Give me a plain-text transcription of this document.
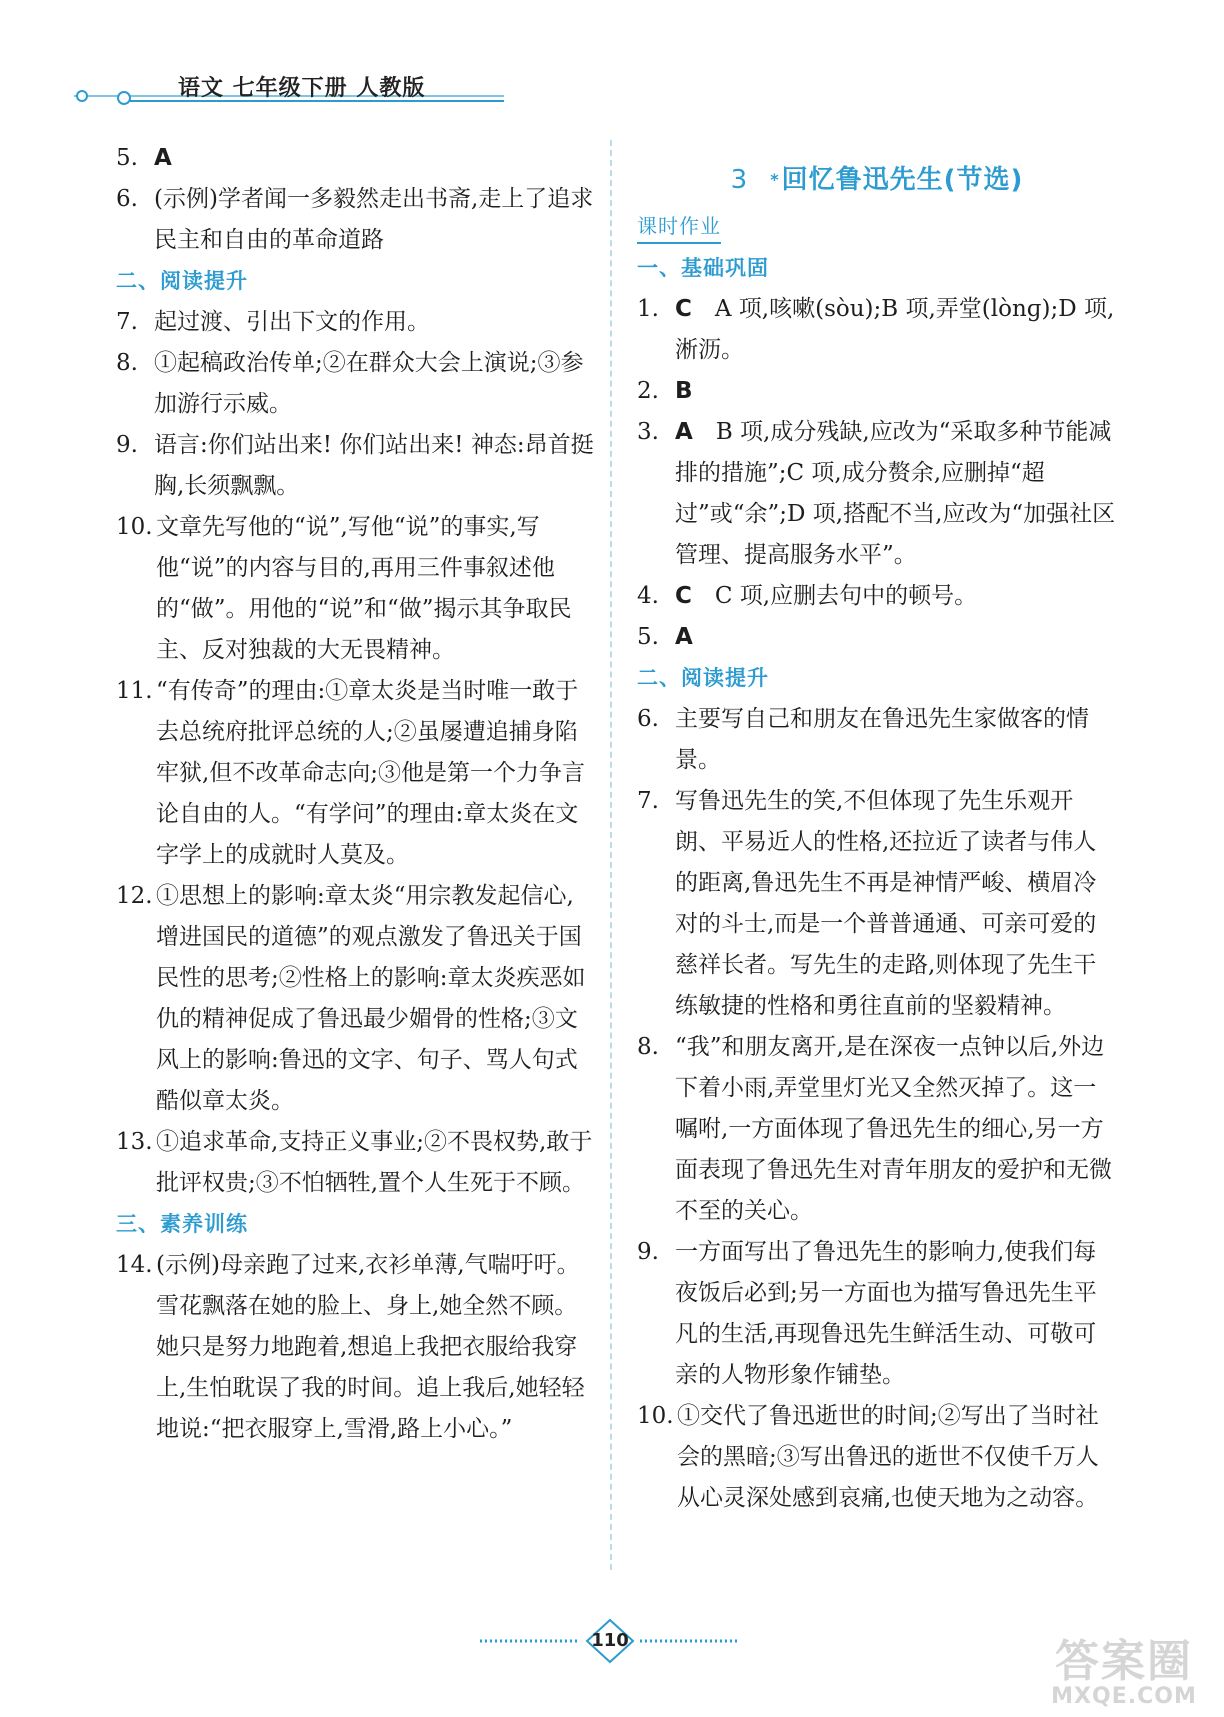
语文 七年级下册 人教版
5. A
6. (示例)学者闻一多毅然走出书斋,走上了追求民主和自由的革命道路
二、阅读提升
7. 起过渡、引出下文的作用。
8. ①起稿政治传单;②在群众大会上演说;③参加游行示威。
9. 语言:你们站出来! 你们站出来! 神态:昂首挺胸,长须飘飘。
10. 文章先写他的“说”,写他“说”的事实,写他“说”的内容与目的,再用三件事叙述他的“做”。用他的“说”和“做”揭示其争取民主、反对独裁的大无畏精神。
11. “有传奇”的理由:①章太炎是当时唯一敢于去总统府批评总统的人;②虽屡遭追捕身陷牢狱,但不改革命志向;③他是第一个力争言论自由的人。“有学问”的理由:章太炎在文字学上的成就时人莫及。
12. ①思想上的影响:章太炎“用宗教发起信心,增进国民的道德”的观点激发了鲁迅关于国民性的思考;②性格上的影响:章太炎疾恶如仇的精神促成了鲁迅最少媚骨的性格;③文风上的影响:鲁迅的文字、句子、骂人句式酷似章太炎。
13. ①追求革命,支持正义事业;②不畏权势,敢于批评权贵;③不怕牺牲,置个人生死于不顾。
三、素养训练
14. (示例)母亲跑了过来,衣衫单薄,气喘吁吁。雪花飘落在她的脸上、身上,她全然不顾。她只是努力地跑着,想追上我把衣服给我穿上,生怕耽误了我的时间。追上我后,她轻轻地说:“把衣服穿上,雪滑,路上小心。”
3 *回忆鲁迅先生(节选)
课时作业
一、基础巩固
1. C  A 项,咳嗽(sòu);B 项,弄堂(lònɡ);D 项,淅沥。
2. B
3. A  B 项,成分残缺,应改为“采取多种节能减排的措施”;C 项,成分赘余,应删掉“超过”或“余”;D 项,搭配不当,应改为“加强社区管理、提高服务水平”。
4. C  C 项,应删去句中的顿号。
5. A
二、阅读提升
6. 主要写自己和朋友在鲁迅先生家做客的情景。
7. 写鲁迅先生的笑,不但体现了先生乐观开朗、平易近人的性格,还拉近了读者与伟人的距离,鲁迅先生不再是神情严峻、横眉冷对的斗士,而是一个普普通通、可亲可爱的慈祥长者。写先生的走路,则体现了先生干练敏捷的性格和勇往直前的坚毅精神。
8. “我”和朋友离开,是在深夜一点钟以后,外边下着小雨,弄堂里灯光又全然灭掉了。这一嘱咐,一方面体现了鲁迅先生的细心,另一方面表现了鲁迅先生对青年朋友的爱护和无微不至的关心。
9. 一方面写出了鲁迅先生的影响力,使我们每夜饭后必到;另一方面也为描写鲁迅先生平凡的生活,再现鲁迅先生鲜活生动、可敬可亲的人物形象作铺垫。
10. ①交代了鲁迅逝世的时间;②写出了当时社会的黑暗;③写出鲁迅的逝世不仅使千万人从心灵深处感到哀痛,也使天地为之动容。
110	答案圈
MXQE.COM
